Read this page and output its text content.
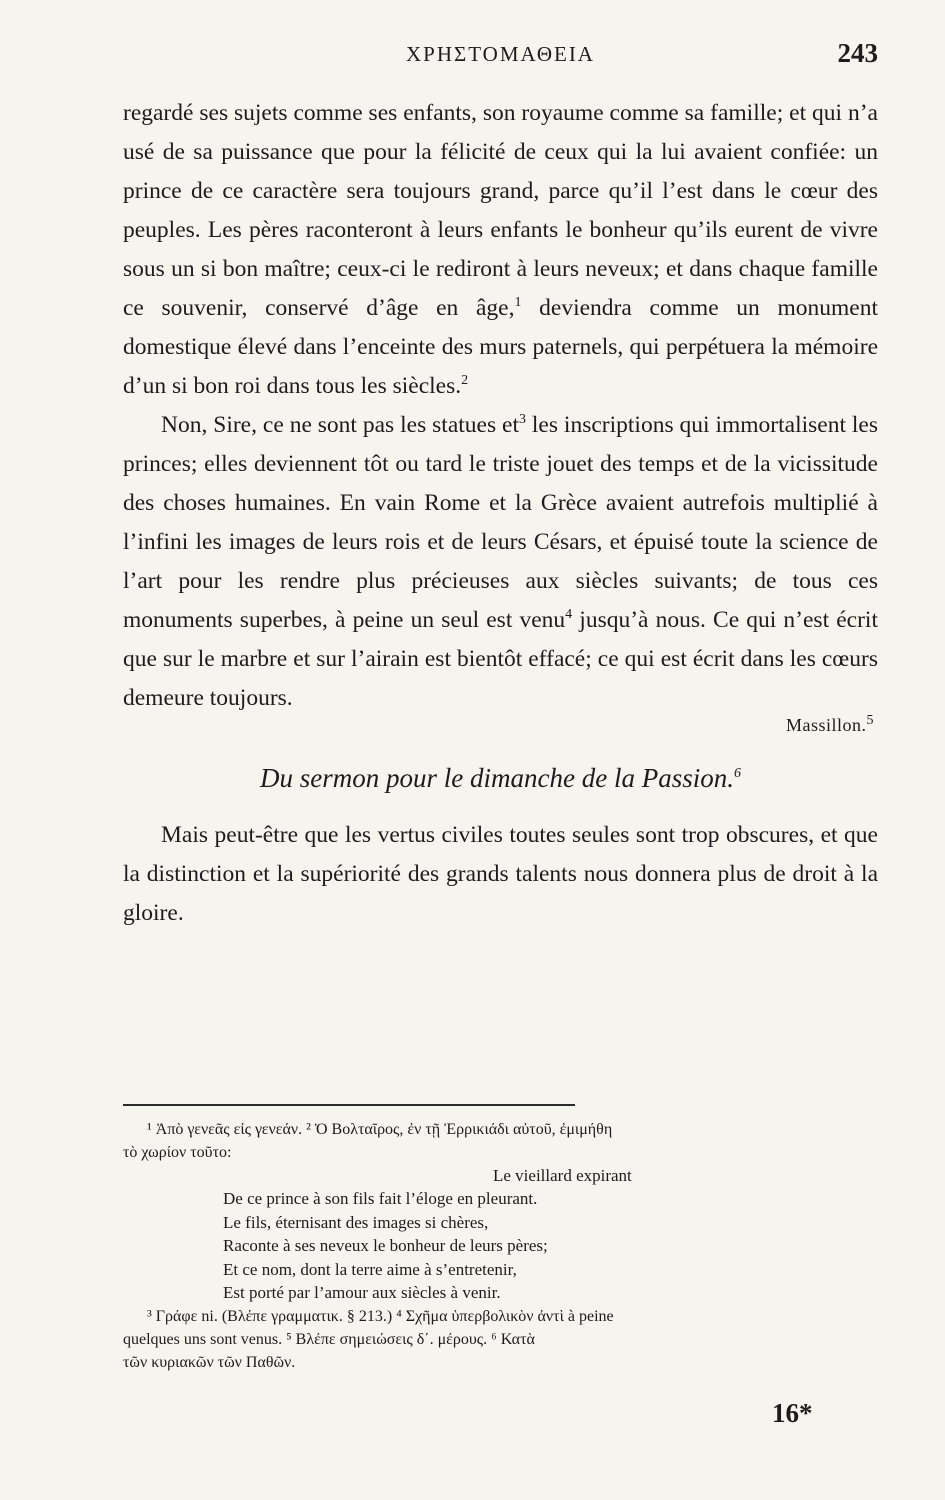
ΧΡΗΣΤΟΜΑΘΕΙΑ	243

regardé ses sujets comme ses enfants, son royaume comme sa famille; et qui n’a usé de sa puissance que pour la félicité de ceux qui la lui avaient confiée: un prince de ce caractère sera toujours grand, parce qu’il l’est dans le cœur des peuples. Les pères raconteront à leurs enfants le bonheur qu’ils eurent de vivre sous un si bon maître; ceux-ci le rediront à leurs neveux; et dans chaque famille ce souvenir, conservé d’âge en âge,$^1$ deviendra comme un monument domestique élevé dans l’enceinte des murs paternels, qui perpétuera la mémoire d’un si bon roi dans tous les siècles.$^2$

Non, Sire, ce ne sont pas les statues $et^3$ les inscriptions qui immortalisent les princes; elles deviennent tôt ou tard le triste jouet des temps et de la vicissitude des choses humaines. En vain Rome et la Grèce avaient autrefois multiplié à l’infini les images de leurs rois et de leurs Césars, et épuisé toute la science de l’art pour les rendre plus précieuses aux siècles suivants; de tous ces monuments superbes, à peine un seul est venu$^4$ jusqu’à nous. Ce qui n’est écrit que sur le marbre et sur l’airain est bientôt effacé; ce qui est écrit dans les cœurs demeure toujours.

Massillon.$^5$
Du sermon pour le dimanche de la Passion.$^6$

Mais peut-être que les vertus civiles toutes seules sont trop obscures, et que la distinction et la supériorité des grands talents nous donnera plus de droit à la gloire.

¹ Ἀπὸ γενεᾶς εἰς γενεάν. ² Ὁ Βολταῖρος, ἐν τῇ Ἐρρικιάδι αὐτοῦ, ἐμιμήθη
τὸ χωρίον τοῦτο:
Le vieillard expirant
De ce prince à son fils fait l’éloge en pleurant.
Le fils, éternisant des images si chères,
Raconte à ses neveux le bonheur de leurs pères;
Et ce nom, dont la terre aime à s’entretenir,
Est porté par l’amour aux siècles à venir.
³ Γράφε ni. (Βλέπε γραμματικ. § 213.) ⁴ Σχῆμα ὑπερβολικὸν ἀντὶ à peine
quelques uns sont venus. ⁵ Βλέπε σημειώσεις δ΄. μέρους. ⁶ Κατὰ
τῶν κυριακῶν τῶν Παθῶν.
16*
